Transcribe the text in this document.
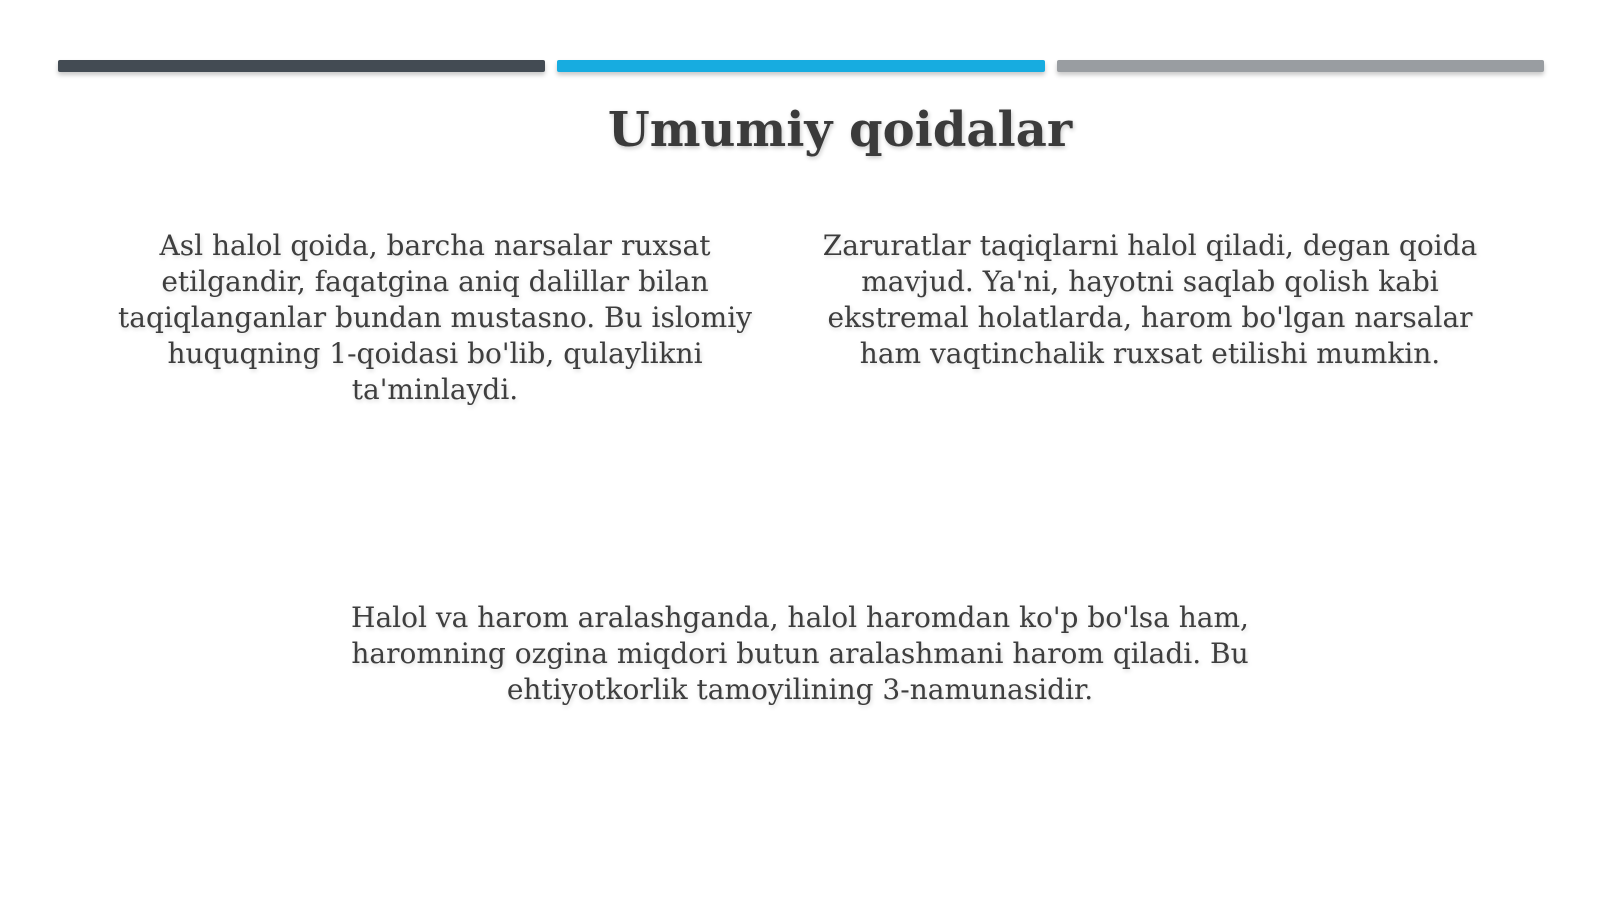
Umumiy qoidalar

Asl halol qoida, barcha narsalar ruxsat etilgandir, faqatgina aniq dalillar bilan taqiqlanganlar bundan mustasno. Bu islomiy huquqning 1-qoidasi bo'lib, qulaylikni ta'minlaydi.

Zaruratlar taqiqlarni halol qiladi, degan qoida mavjud. Ya'ni, hayotni saqlab qolish kabi ekstremal holatlarda, harom bo'lgan narsalar ham vaqtinchalik ruxsat etilishi mumkin.

Halol va harom aralashganda, halol haromdan ko'p bo'lsa ham, haromning ozgina miqdori butun aralashmani harom qiladi. Bu ehtiyotkorlik tamoyilining 3-namunasidir.
